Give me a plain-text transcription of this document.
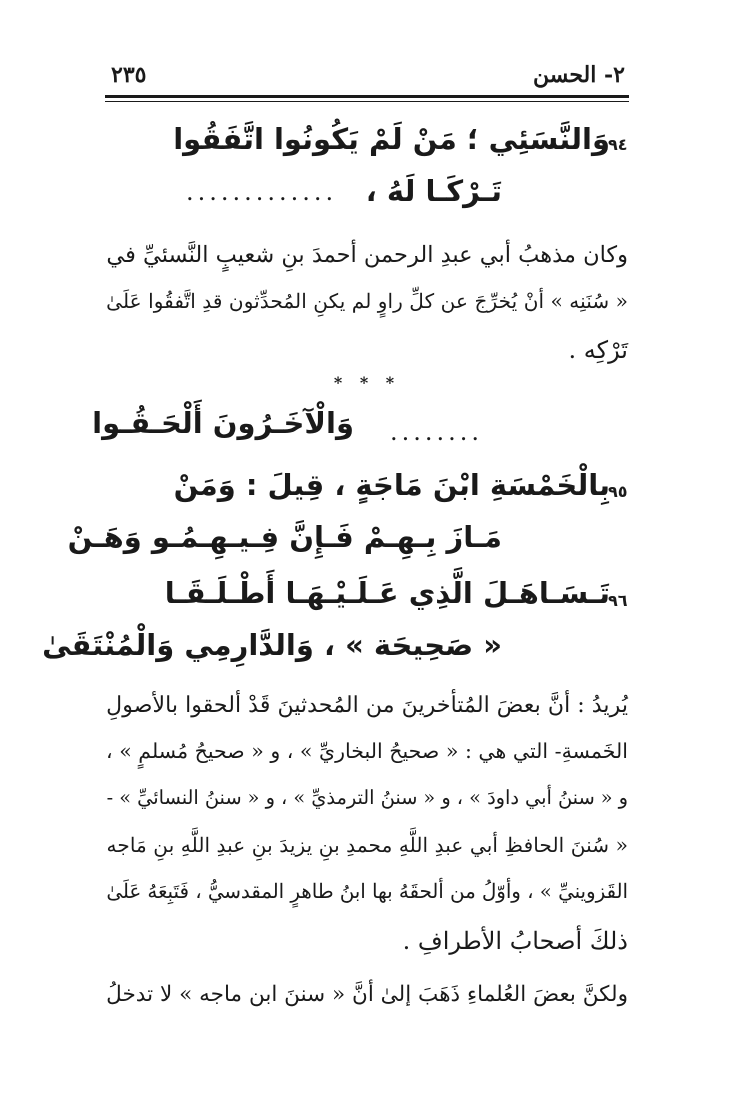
٢- الحسن
٢٣٥
٩٤
وَالنَّسَئِي ؛ مَنْ لَمْ يَكُونُوا اتَّفَقُوا
تَـرْكَـا لَهُ ،
.............
وكان مذهبُ أبي عبدِ الرحمن أحمدَ بنِ شعيبٍ النَّسئيِّ في
« سُنَنِه » أنْ يُخرِّجَ عن كلِّ راوٍ لم يكنِ المُحدِّثون قدِ اتَّفقُوا عَلَىٰ
تَرْكِه .
* * *
........
وَالْآخَـرُونَ أَلْحَـقُـوا
٩٥
بِالْخَمْسَةِ ابْنَ مَاجَةٍ ، قِيلَ : وَمَنْ
مَـازَ بِـهِـمْ فَـإِنَّ فِـيـهِـمُـو وَهَـنْ
٩٦
تَـسَـاهَـلَ الَّذِي عَـلَـيْـهَـا أَطْـلَـقَـا
« صَحِيحَة » ، وَالدَّارِمِي وَالْمُنْتَقَىٰ
يُريدُ : أنَّ بعضَ المُتأخرينَ من المُحدثينَ قَدْ ألحقوا بالأصولِ
الخَمسةِ- التي هي : « صحيحُ البخاريِّ » ، و « صحيحُ مُسلمٍ » ،
و « سننُ أبي داودَ » ، و « سننُ الترمذيِّ » ، و « سننُ النسائيِّ » -
« سُننَ الحافظِ أبي عبدِ اللَّهِ محمدِ بنِ يزيدَ بنِ عبدِ اللَّهِ بنِ مَاجه
القَزوينيِّ » ، وأوّلُ من ألحقَهُ بها ابنُ طاهرٍ المقدسيُّ ، فَتَبِعَهُ عَلَىٰ
ذلكَ أصحابُ الأطرافِ .
ولكنَّ بعضَ العُلماءِ ذَهَبَ إلىٰ أنَّ « سننَ ابن ماجه » لا تدخلُ
